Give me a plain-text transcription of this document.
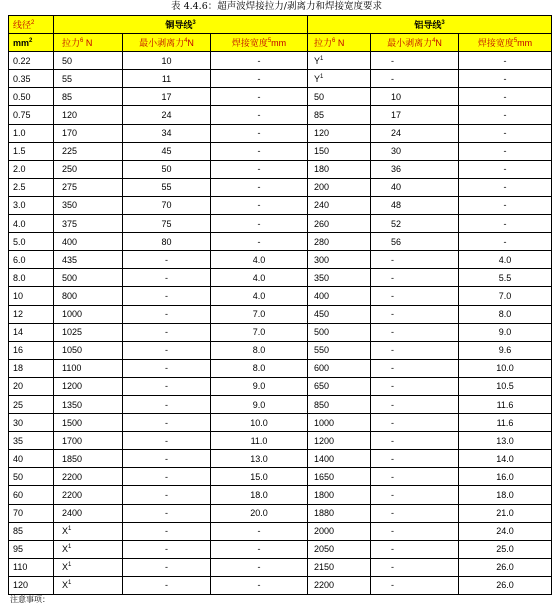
表 4.4.6：超声波焊接拉力/剥离力和焊接宽度要求
线径$^2$	铜导线$^3$			铝导线$^3$
$mm^2$	拉力$^6$ N	最小剥离力$^4$N	焊接宽度$^5$mm	拉力$^6$ N	最小剥离力$^4$N	焊接宽度$^5$mm
0.22	50	10	-	$Y^1$	-	-
0.35	55	11	-	$Y^1$	-	-
0.50	85	17	-	50	10	-
0.75	120	24	-	85	17	-
1.0	170	34	-	120	24	-
1.5	225	45	-	150	30	-
2.0	250	50	-	180	36	-
2.5	275	55	-	200	40	-
3.0	350	70	-	240	48	-
4.0	375	75	-	260	52	-
5.0	400	80	-	280	56	-
6.0	435	-	4.0	300	-	4.0
8.0	500	-	4.0	350	-	5.5
10	800	-	4.0	400	-	7.0
12	1000	-	7.0	450	-	8.0
14	1025	-	7.0	500	-	9.0
16	1050	-	8.0	550	-	9.6
18	1100	-	8.0	600	-	10.0
20	1200	-	9.0	650	-	10.5
25	1350	-	9.0	850	-	11.6
30	1500	-	10.0	1000	-	11.6
35	1700	-	11.0	1200	-	13.0
40	1850	-	13.0	1400	-	14.0
50	2200	-	15.0	1650	-	16.0
60	2200	-	18.0	1800	-	18.0
70	2400	-	20.0	1880	-	21.0
85	$X^1$	-	-	2000	-	24.0
95	$X^1$	-	-	2050	-	25.0
110	$X^1$	-	-	2150	-	26.0
120	$X^1$	-	-	2200	-	26.0
注意事项：
